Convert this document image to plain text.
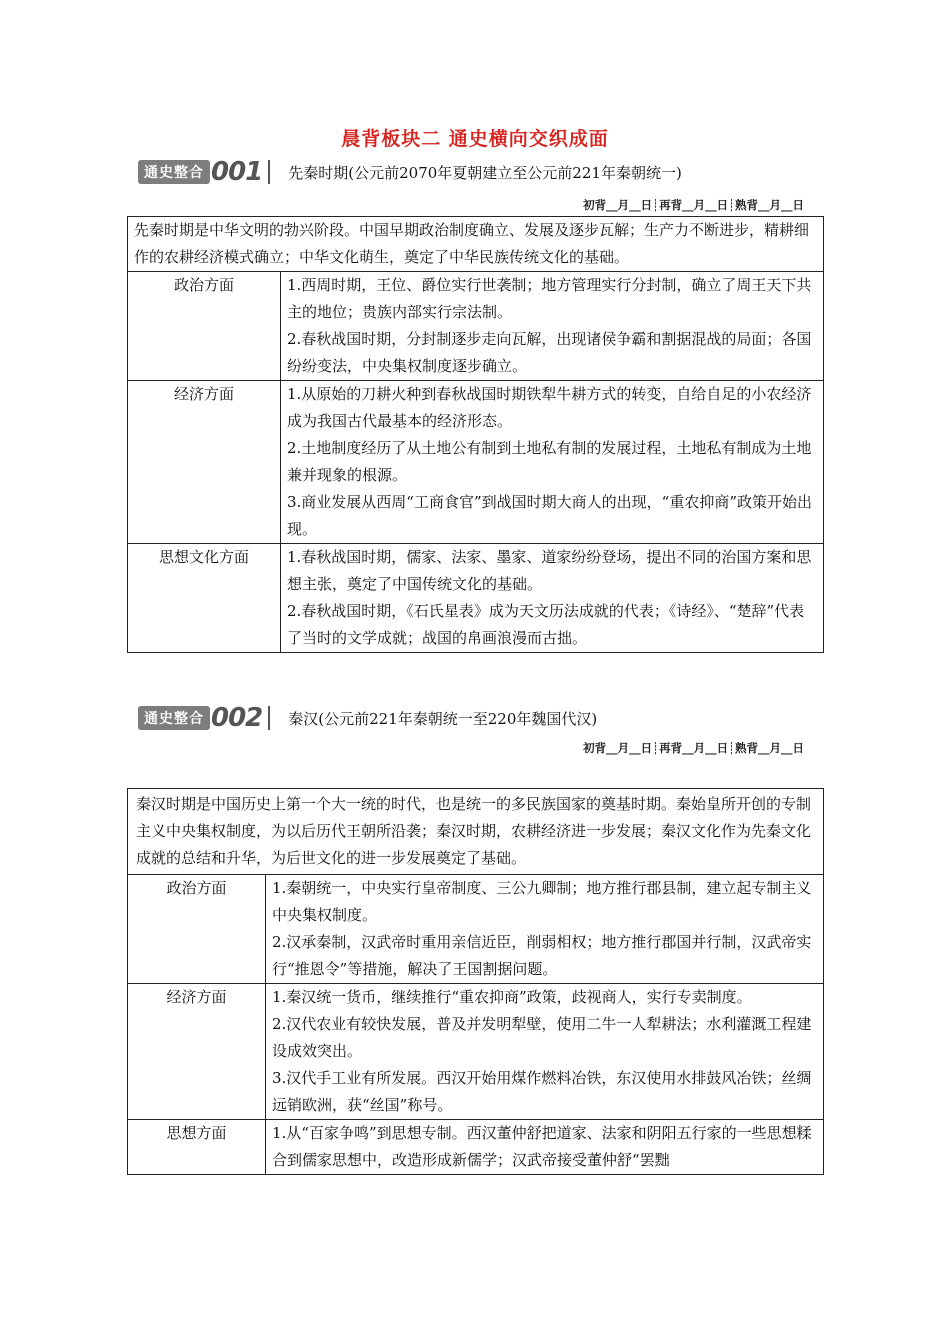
晨背板块二 通史横向交织成面
通史整合 001 先秦时期(公元前2070年夏朝建立至公元前221年秦朝统一)
初背__月__日┊再背__月__日┊熟背__月__日
先秦时期是中华文明的勃兴阶段。中国早期政治制度确立、发展及逐步瓦解；生产力不断进步，精耕细作的农耕经济模式确立；中华文化萌生，奠定了中华民族传统文化的基础。	
政治方面	1.西周时期，王位、爵位实行世袭制；地方管理实行分封制，确立了周王天下共主的地位；贵族内部实行宗法制。
2.春秋战国时期，分封制逐步走向瓦解，出现诸侯争霸和割据混战的局面；各国纷纷变法，中央集权制度逐步确立。

经济方面	1.从原始的刀耕火种到春秋战国时期铁犁牛耕方式的转变，自给自足的小农经济成为我国古代最基本的经济形态。
2.土地制度经历了从土地公有制到土地私有制的发展过程，土地私有制成为土地兼并现象的根源。
3.商业发展从西周“工商食官”到战国时期大商人的出现，“重农抑商”政策开始出现。

思想文化方面	1.春秋战国时期，儒家、法家、墨家、道家纷纷登场，提出不同的治国方案和思想主张，奠定了中国传统文化的基础。
2.春秋战国时期，《石氏星表》成为天文历法成就的代表；《诗经》、“楚辞”代表了当时的文学成就；战国的帛画浪漫而古拙。
通史整合 002 秦汉(公元前221年秦朝统一至220年魏国代汉)
初背__月__日┊再背__月__日┊熟背__月__日
秦汉时期是中国历史上第一个大一统的时代，也是统一的多民族国家的奠基时期。秦始皇所开创的专制主义中央集权制度，为以后历代王朝所沿袭；秦汉时期，农耕经济进一步发展；秦汉文化作为先秦文化成就的总结和升华，为后世文化的进一步发展奠定了基础。	
政治方面	1.秦朝统一，中央实行皇帝制度、三公九卿制；地方推行郡县制，建立起专制主义中央集权制度。
2.汉承秦制，汉武帝时重用亲信近臣，削弱相权；地方推行郡国并行制，汉武帝实行“推恩令”等措施，解决了王国割据问题。

经济方面	1.秦汉统一货币，继续推行“重农抑商”政策，歧视商人，实行专卖制度。
2.汉代农业有较快发展，普及并发明犁壁，使用二牛一人犁耕法；水利灌溉工程建设成效突出。
3.汉代手工业有所发展。西汉开始用煤作燃料冶铁，东汉使用水排鼓风冶铁；丝绸远销欧洲，获“丝国”称号。

思想方面	1.从“百家争鸣”到思想专制。西汉董仲舒把道家、法家和阴阳五行家的一些思想糅合到儒家思想中，改造形成新儒学；汉武帝接受董仲舒“罢黜
